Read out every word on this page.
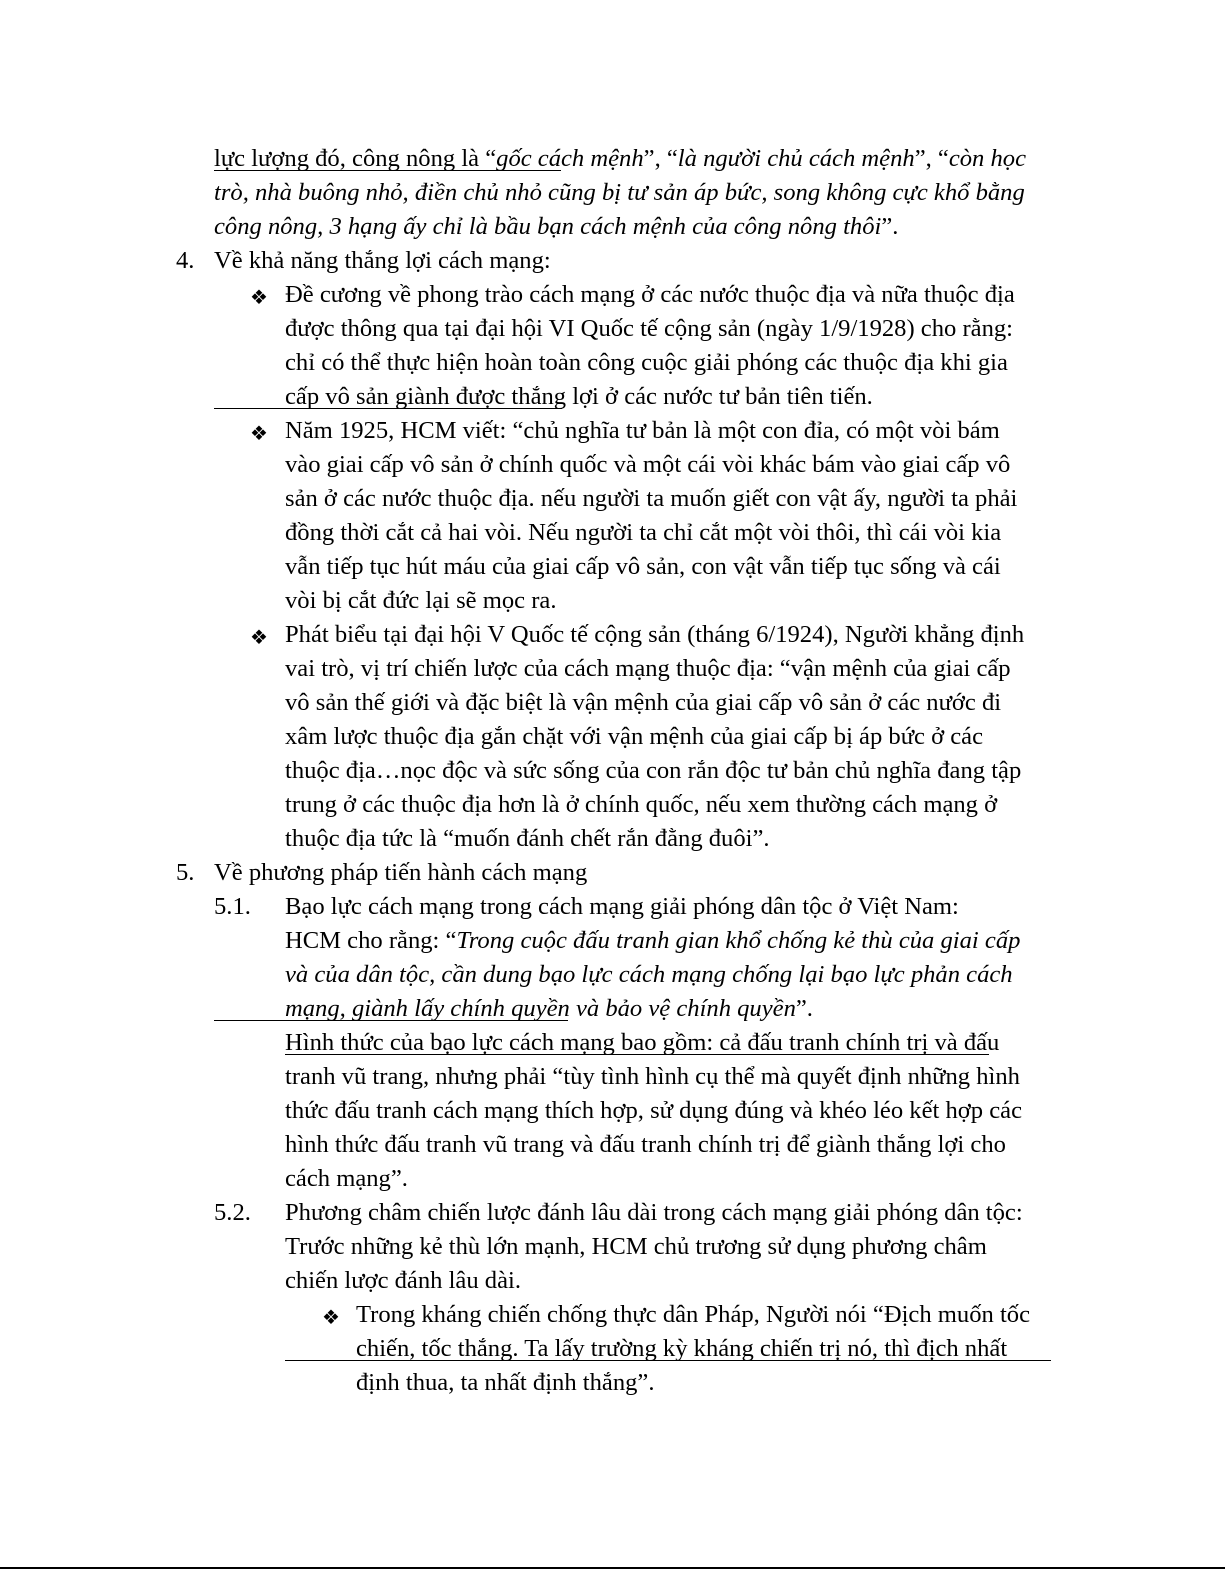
lực lượng đó, công nông là “gốc cách mệnh”, “là người chủ cách mệnh”, “còn học
trò, nhà buông nhỏ, điền chủ nhỏ cũng bị tư sản áp bức, song không cực khổ bằng
công nông, 3 hạng ấy chỉ là bầu bạn cách mệnh của công nông thôi”.
4. Về khả năng thắng lợi cách mạng:
❖ Đề cương về phong trào cách mạng ở các nước thuộc địa và nữa thuộc địa
được thông qua tại đại hội VI Quốc tế cộng sản (ngày 1/9/1928) cho rằng:
chỉ có thể thực hiện hoàn toàn công cuộc giải phóng các thuộc địa khi gia
cấp vô sản giành được thắng lợi ở các nước tư bản tiên tiến.
❖ Năm 1925, HCM viết: “chủ nghĩa tư bản là một con đỉa, có một vòi bám
vào giai cấp vô sản ở chính quốc và một cái vòi khác bám vào giai cấp vô
sản ở các nước thuộc địa. nếu người ta muốn giết con vật ấy, người ta phải
đồng thời cắt cả hai vòi. Nếu người ta chỉ cắt một vòi thôi, thì cái vòi kia
vẫn tiếp tục hút máu của giai cấp vô sản, con vật vẫn tiếp tục sống và cái
vòi bị cắt đức lại sẽ mọc ra.
❖ Phát biểu tại đại hội V Quốc tế cộng sản (tháng 6/1924), Người khẳng định
vai trò, vị trí chiến lược của cách mạng thuộc địa: “vận mệnh của giai cấp
vô sản thế giới và đặc biệt là vận mệnh của giai cấp vô sản ở các nước đi
xâm lược thuộc địa gắn chặt với vận mệnh của giai cấp bị áp bức ở các
thuộc địa…nọc độc và sức sống của con rắn độc tư bản chủ nghĩa đang tập
trung ở các thuộc địa hơn là ở chính quốc, nếu xem thường cách mạng ở
thuộc địa tức là “muốn đánh chết rắn đằng đuôi”.
5. Về phương pháp tiến hành cách mạng
5.1. Bạo lực cách mạng trong cách mạng giải phóng dân tộc ở Việt Nam:
HCM cho rằng: “Trong cuộc đấu tranh gian khổ chống kẻ thù của giai cấp
và của dân tộc, cần dung bạo lực cách mạng chống lại bạo lực phản cách
mạng, giành lấy chính quyền và bảo vệ chính quyền”.
Hình thức của bạo lực cách mạng bao gồm: cả đấu tranh chính trị và đấu
tranh vũ trang, nhưng phải “tùy tình hình cụ thể mà quyết định những hình
thức đấu tranh cách mạng thích hợp, sử dụng đúng và khéo léo kết hợp các
hình thức đấu tranh vũ trang và đấu tranh chính trị để giành thắng lợi cho
cách mạng”.
5.2. Phương châm chiến lược đánh lâu dài trong cách mạng giải phóng dân tộc:
Trước những kẻ thù lớn mạnh, HCM chủ trương sử dụng phương châm
chiến lược đánh lâu dài.
❖ Trong kháng chiến chống thực dân Pháp, Người nói “Địch muốn tốc
chiến, tốc thắng. Ta lấy trường kỳ kháng chiến trị nó, thì địch nhất
định thua, ta nhất định thắng”.
